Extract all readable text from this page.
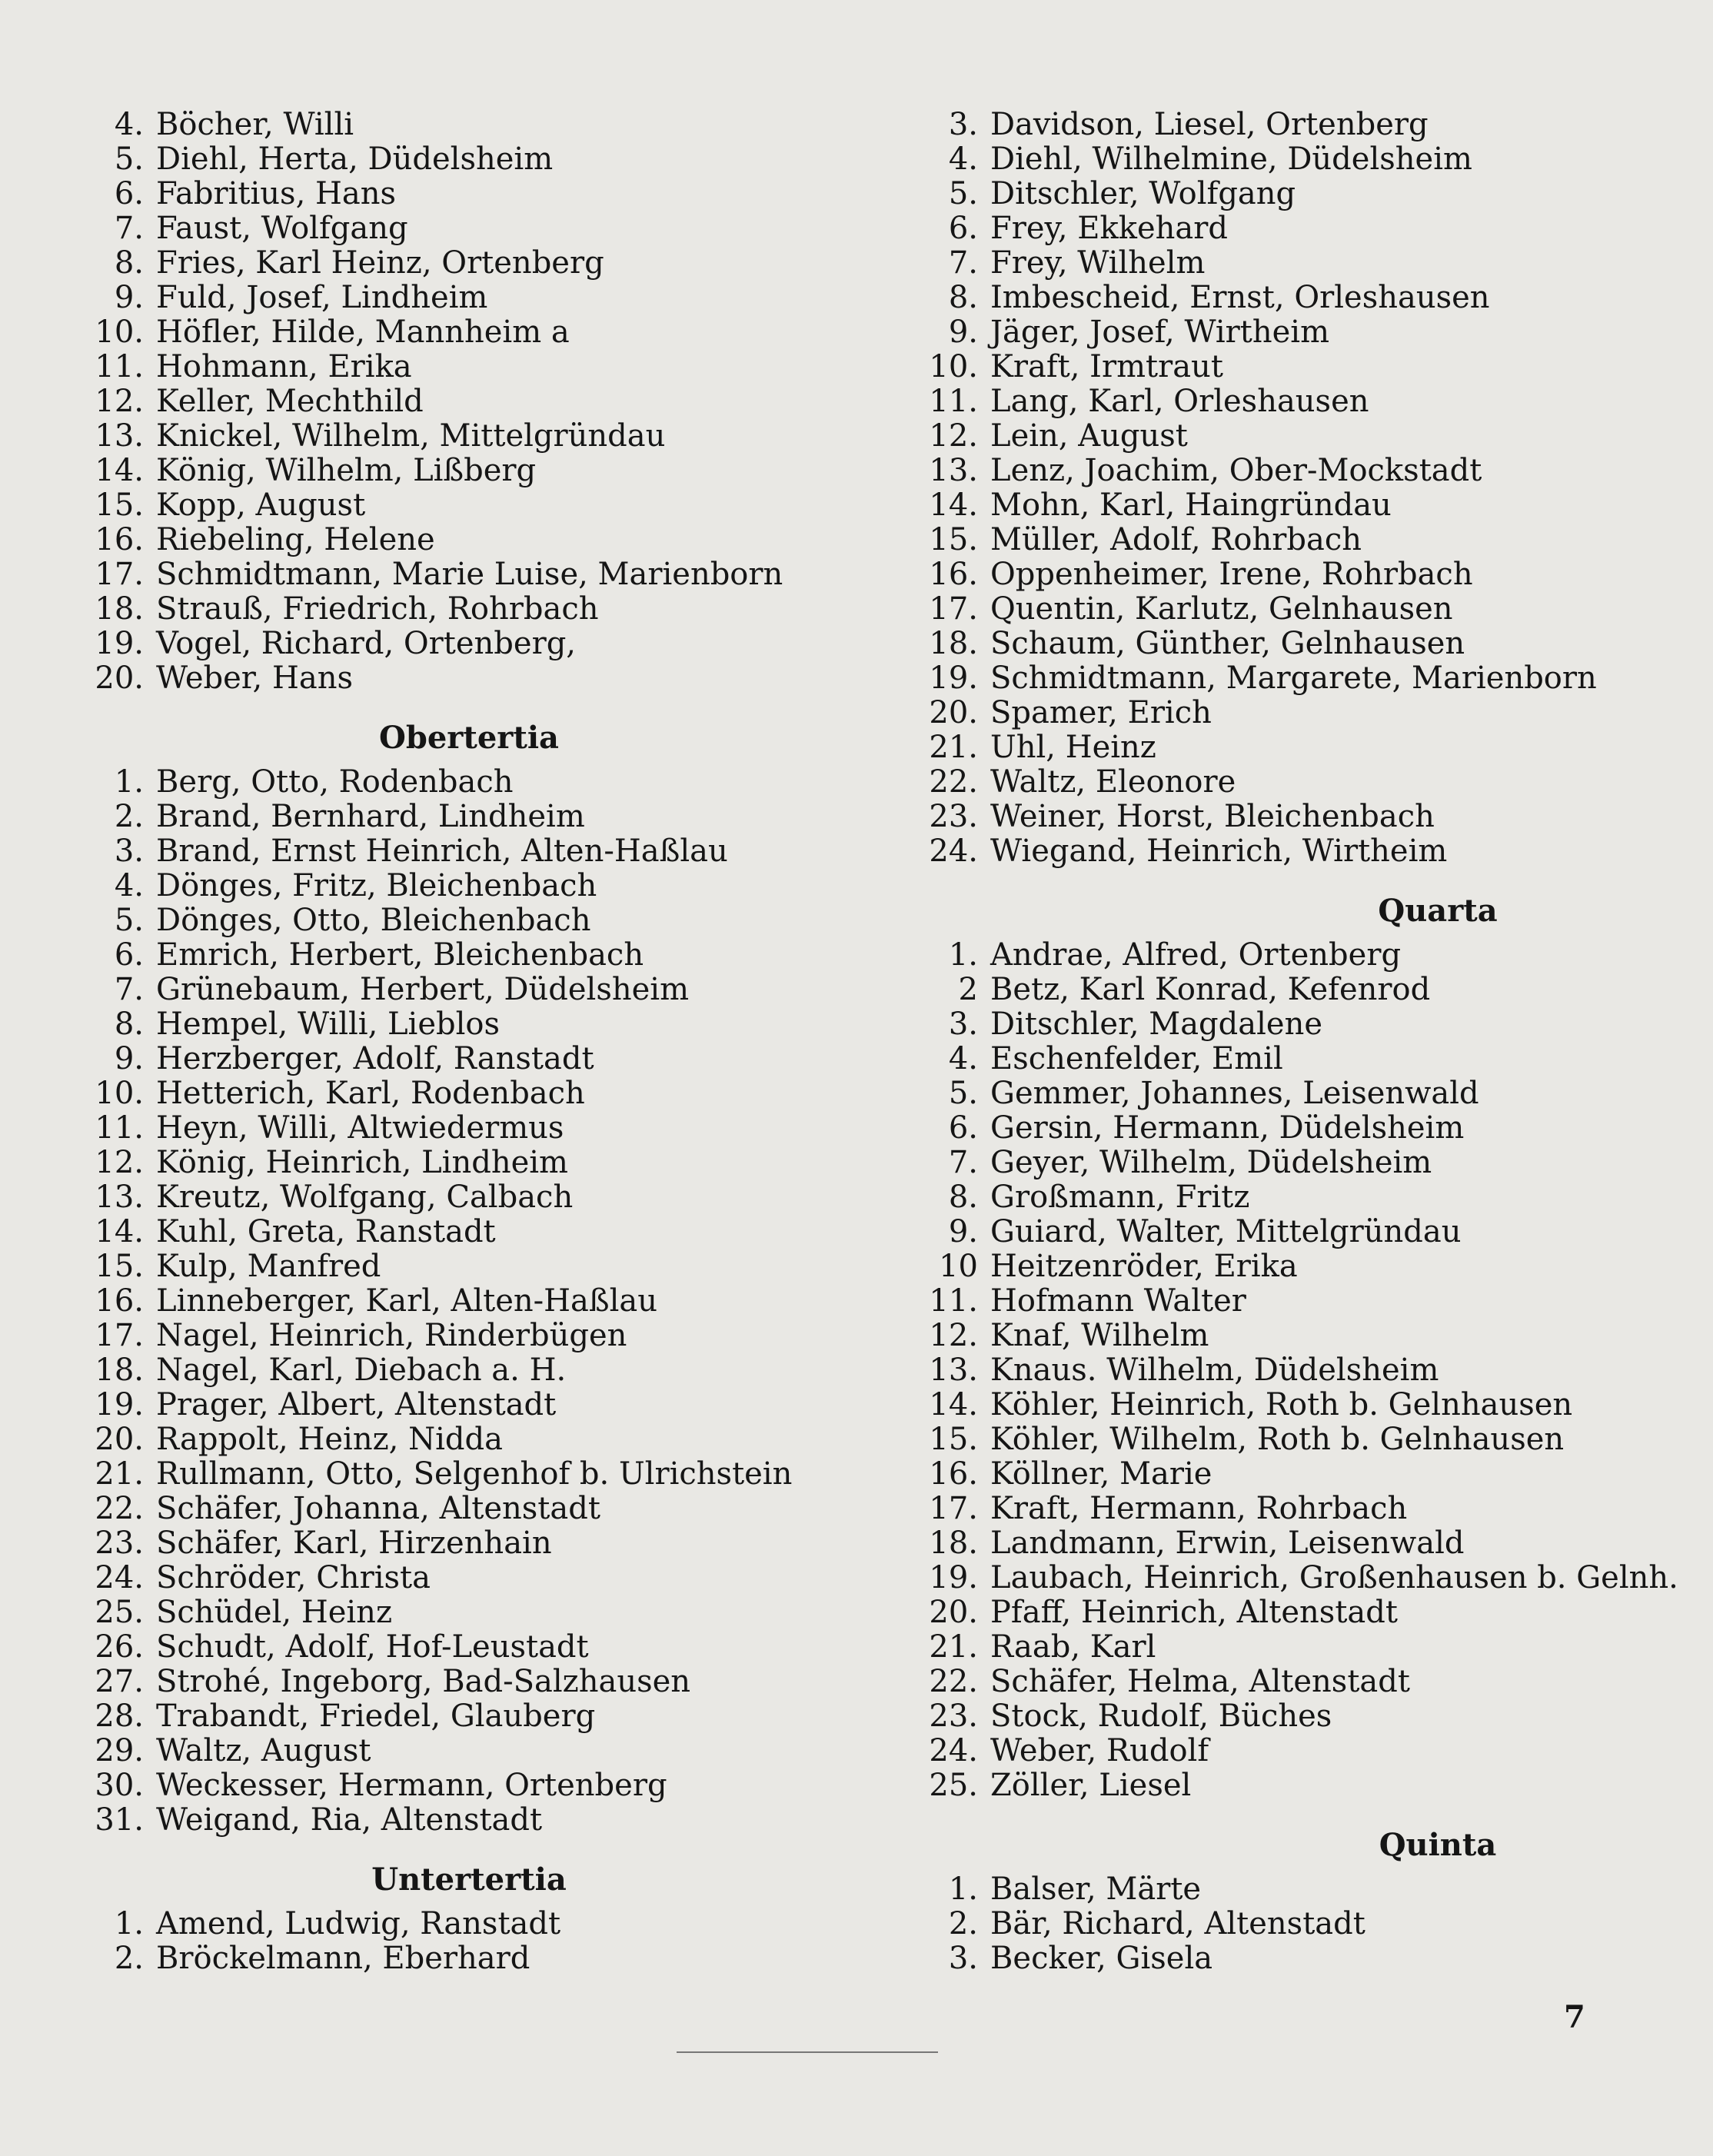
4. Böcher, Willi
5. Diehl, Herta, Düdelsheim
6. Fabritius, Hans
7. Faust, Wolfgang
8. Fries, Karl Heinz, Ortenberg
9. Fuld, Josef, Lindheim
10. Höfler, Hilde, Mannheim a
11. Hohmann, Erika
12. Keller, Mechthild
13. Knickel, Wilhelm, Mittelgründau
14. König, Wilhelm, Lißberg
15. Kopp, August
16. Riebeling, Helene
17. Schmidtmann, Marie Luise, Marienborn
18. Strauß, Friedrich, Rohrbach
19. Vogel, Richard, Ortenberg,
20. Weber, Hans
Obertertia
1. Berg, Otto, Rodenbach
2. Brand, Bernhard, Lindheim
3. Brand, Ernst Heinrich, Alten-Haßlau
4. Dönges, Fritz, Bleichenbach
5. Dönges, Otto, Bleichenbach
6. Emrich, Herbert, Bleichenbach
7. Grünebaum, Herbert, Düdelsheim
8. Hempel, Willi, Lieblos
9. Herzberger, Adolf, Ranstadt
10. Hetterich, Karl, Rodenbach
11. Heyn, Willi, Altwiedermus
12. König, Heinrich, Lindheim
13. Kreutz, Wolfgang, Calbach
14. Kuhl, Greta, Ranstadt
15. Kulp, Manfred
16. Linneberger, Karl, Alten-Haßlau
17. Nagel, Heinrich, Rinderbügen
18. Nagel, Karl, Diebach a. H.
19. Prager, Albert, Altenstadt
20. Rappolt, Heinz, Nidda
21. Rullmann, Otto, Selgenhof b. Ulrichstein
22. Schäfer, Johanna, Altenstadt
23. Schäfer, Karl, Hirzenhain
24. Schröder, Christa
25. Schüdel, Heinz
26. Schudt, Adolf, Hof-Leustadt
27. Strohé, Ingeborg, Bad-Salzhausen
28. Trabandt, Friedel, Glauberg
29. Waltz, August
30. Weckesser, Hermann, Ortenberg
31. Weigand, Ria, Altenstadt
Untertertia
1. Amend, Ludwig, Ranstadt
2. Bröckelmann, Eberhard
3. Davidson, Liesel, Ortenberg
4. Diehl, Wilhelmine, Düdelsheim
5. Ditschler, Wolfgang
6. Frey, Ekkehard
7. Frey, Wilhelm
8. Imbescheid, Ernst, Orleshausen
9. Jäger, Josef, Wirtheim
10. Kraft, Irmtraut
11. Lang, Karl, Orleshausen
12. Lein, August
13. Lenz, Joachim, Ober-Mockstadt
14. Mohn, Karl, Haingründau
15. Müller, Adolf, Rohrbach
16. Oppenheimer, Irene, Rohrbach
17. Quentin, Karlutz, Gelnhausen
18. Schaum, Günther, Gelnhausen
19. Schmidtmann, Margarete, Marienborn
20. Spamer, Erich
21. Uhl, Heinz
22. Waltz, Eleonore
23. Weiner, Horst, Bleichenbach
24. Wiegand, Heinrich, Wirtheim
Quarta
1. Andrae, Alfred, Ortenberg
2 Betz, Karl Konrad, Kefenrod
3. Ditschler, Magdalene
4. Eschenfelder, Emil
5. Gemmer, Johannes, Leisenwald
6. Gersin, Hermann, Düdelsheim
7. Geyer, Wilhelm, Düdelsheim
8. Großmann, Fritz
9. Guiard, Walter, Mittelgründau
10 Heitzenröder, Erika
11. Hofmann Walter
12. Knaf, Wilhelm
13. Knaus. Wilhelm, Düdelsheim
14. Köhler, Heinrich, Roth b. Gelnhausen
15. Köhler, Wilhelm, Roth b. Gelnhausen
16. Köllner, Marie
17. Kraft, Hermann, Rohrbach
18. Landmann, Erwin, Leisenwald
19. Laubach, Heinrich, Großenhausen b. Gelnh.
20. Pfaff, Heinrich, Altenstadt
21. Raab, Karl
22. Schäfer, Helma, Altenstadt
23. Stock, Rudolf, Büches
24. Weber, Rudolf
25. Zöller, Liesel
Quinta
1. Balser, Märte
2. Bär, Richard, Altenstadt
3. Becker, Gisela
7
